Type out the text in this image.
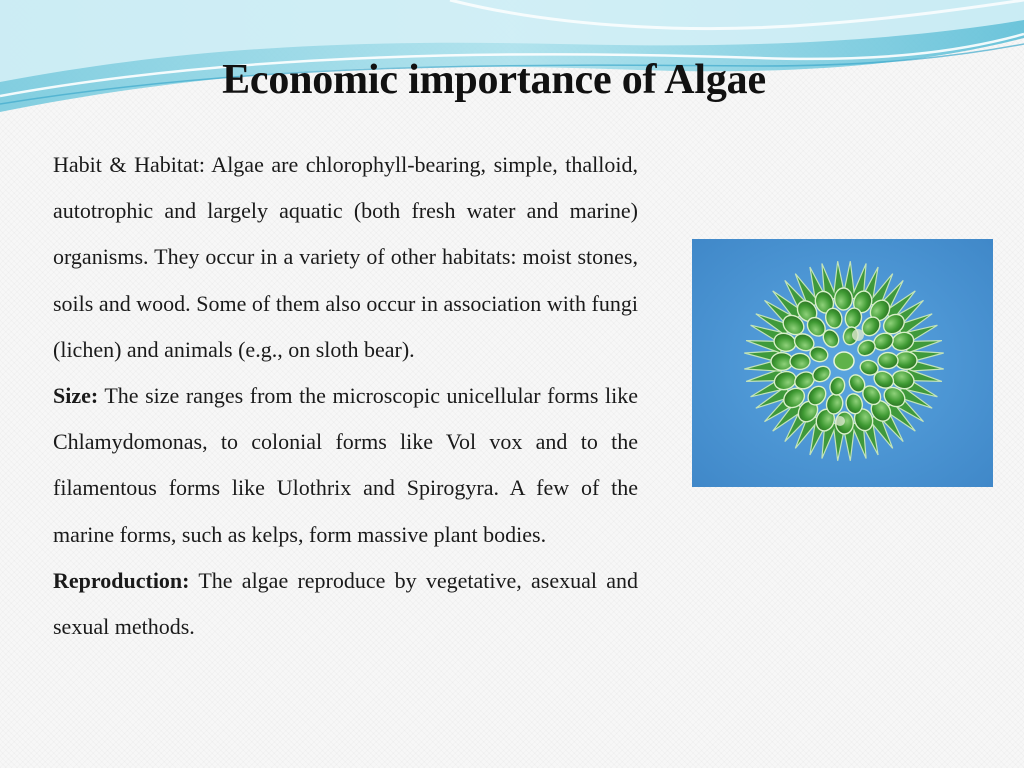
Economic importance of Algae

Habit & Habitat: Algae are chlorophyll-bearing, simple, thalloid, autotrophic and largely aquatic (both fresh water and marine) organisms. They occur in a variety of other habitats: moist stones, soils and wood. Some of them also occur in association with fungi (lichen) and animals (e.g., on sloth bear).

Size: The size ranges from the microscopic unicellular forms like Chlamydomonas, to colonial forms like Vol vox and to the filamentous forms like Ulothrix and Spirogyra. A few of the marine forms, such as kelps, form massive plant bodies.

Reproduction: The algae reproduce by vegetative, asexual and sexual methods.
